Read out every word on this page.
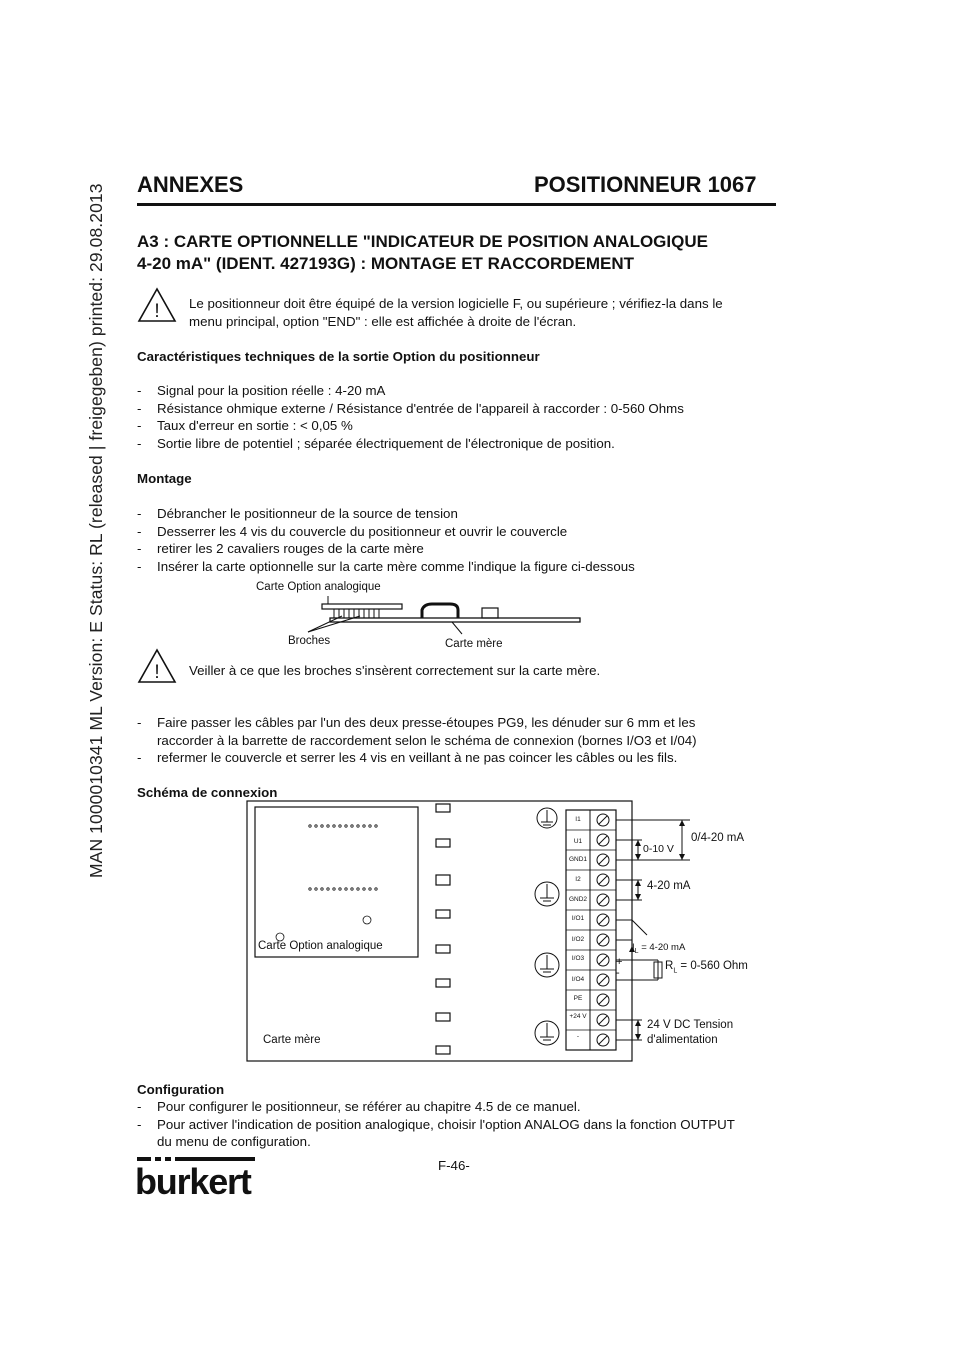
MAN 1000010341 ML Version: E Status: RL (released | freigegeben) printed: 29.08.2013	ANNEXES	POSITIONNEUR 1067
A3 : CARTE OPTIONNELLE "INDICATEUR DE POSITION ANALOGIQUE
4-20 mA" (IDENT. 427193G) : MONTAGE ET RACCORDEMENT
! Le positionneur doit être équipé de la version logicielle F, ou supérieure ; vérifiez-la dans le
menu principal, option "END" : elle est affichée à droite de l'écran.
Caractéristiques techniques de la sortie Option du positionneur
- Signal pour la position réelle : 4-20 mA
- Résistance ohmique externe / Résistance d'entrée de l'appareil à raccorder : 0-560 Ohms
- Taux d'erreur en sortie : < 0,05 %
- Sortie libre de potentiel ; séparée électriquement de l'électronique de position.
Montage
- Débrancher le positionneur de la source de tension
- Desserrer les 4 vis du couvercle du positionneur et ouvrir le couvercle
- retirer les 2 cavaliers rouges de la carte mère
- Insérer la carte optionnelle sur la carte mère comme l'indique la figure ci-dessous
Carte Option analogique
Broches	Carte mère
! Veiller à ce que les broches s'insèrent correctement sur la carte mère.
- Faire passer les câbles par l'un des deux presse-étoupes PG9, les dénuder sur 6 mm et les raccorder à la barrette de raccordement selon le schéma de connexion (bornes I/O3 et I/04)
- refermer le couvercle et serrer les 4 vis en veillant à ne pas coincer les câbles ou les fils.
Schéma de connexion
Carte Option analogique
Carte mère
I1
U1
GND1
I2
GND2
I/O1
I/O2
I/O3
I/O4
PE
+24 V
-
0/4-20 mA
0-10 V
4-20 mA
$I_L = 4-20$ mA
$R_L = 0-560$ Ohm
+
-
24 V DC Tension
d'alimentation
Configuration
- Pour configurer le positionneur, se référer au chapitre 4.5 de ce manuel.
- Pour activer l'indication de position analogique, choisir l'option ANALOG dans la fonction OUTPUT du menu de configuration.
F-46-
burkert
